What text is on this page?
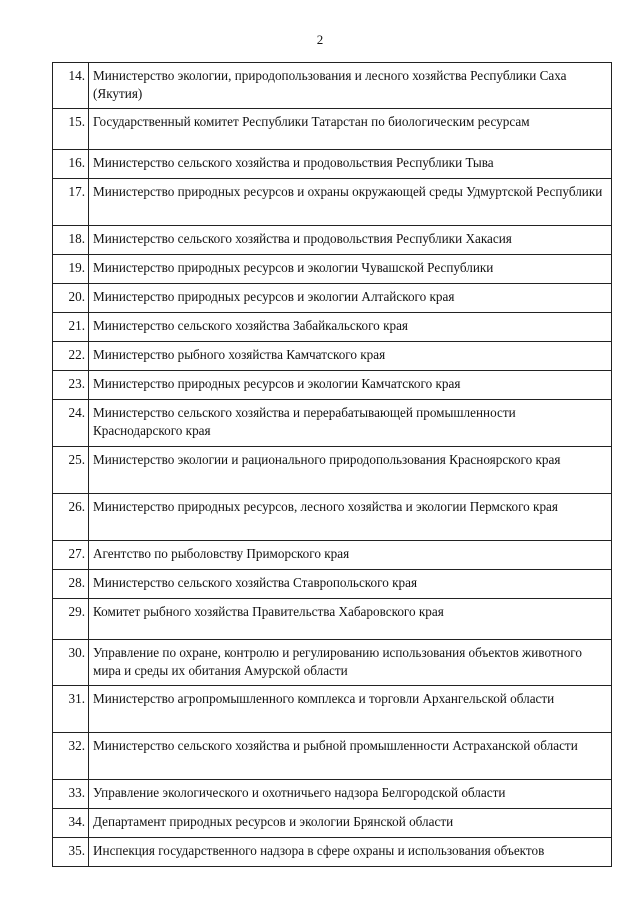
2
14.	Министерство экологии, природопользования и лесного хозяйства Республики Саха (Якутия)
15.	Государственный комитет Республики Татарстан по биологическим ресурсам
16.	Министерство сельского хозяйства и продовольствия Республики Тыва
17.	Министерство природных ресурсов и охраны окружающей среды Удмуртской Республики
18.	Министерство сельского хозяйства и продовольствия Республики Хакасия
19.	Министерство природных ресурсов и экологии Чувашской Республики
20.	Министерство природных ресурсов и экологии Алтайского края
21.	Министерство сельского хозяйства Забайкальского края
22.	Министерство рыбного хозяйства Камчатского края
23.	Министерство природных ресурсов и экологии Камчатского края
24.	Министерство сельского хозяйства и перерабатывающей промышленности Краснодарского края
25.	Министерство экологии и рационального природопользования Красноярского края
26.	Министерство природных ресурсов, лесного хозяйства и экологии Пермского края
27.	Агентство по рыболовству Приморского края
28.	Министерство сельского хозяйства Ставропольского края
29.	Комитет рыбного хозяйства Правительства Хабаровского края
30.	Управление по охране, контролю и регулированию использования объектов животного мира и среды их обитания Амурской области
31.	Министерство агропромышленного комплекса и торговли Архангельской области
32.	Министерство сельского хозяйства и рыбной промышленности Астраханской области
33.	Управление экологического и охотничьего надзора Белгородской области
34.	Департамент природных ресурсов и экологии Брянской области
35.	Инспекция государственного надзора в сфере охраны и использования объектов
